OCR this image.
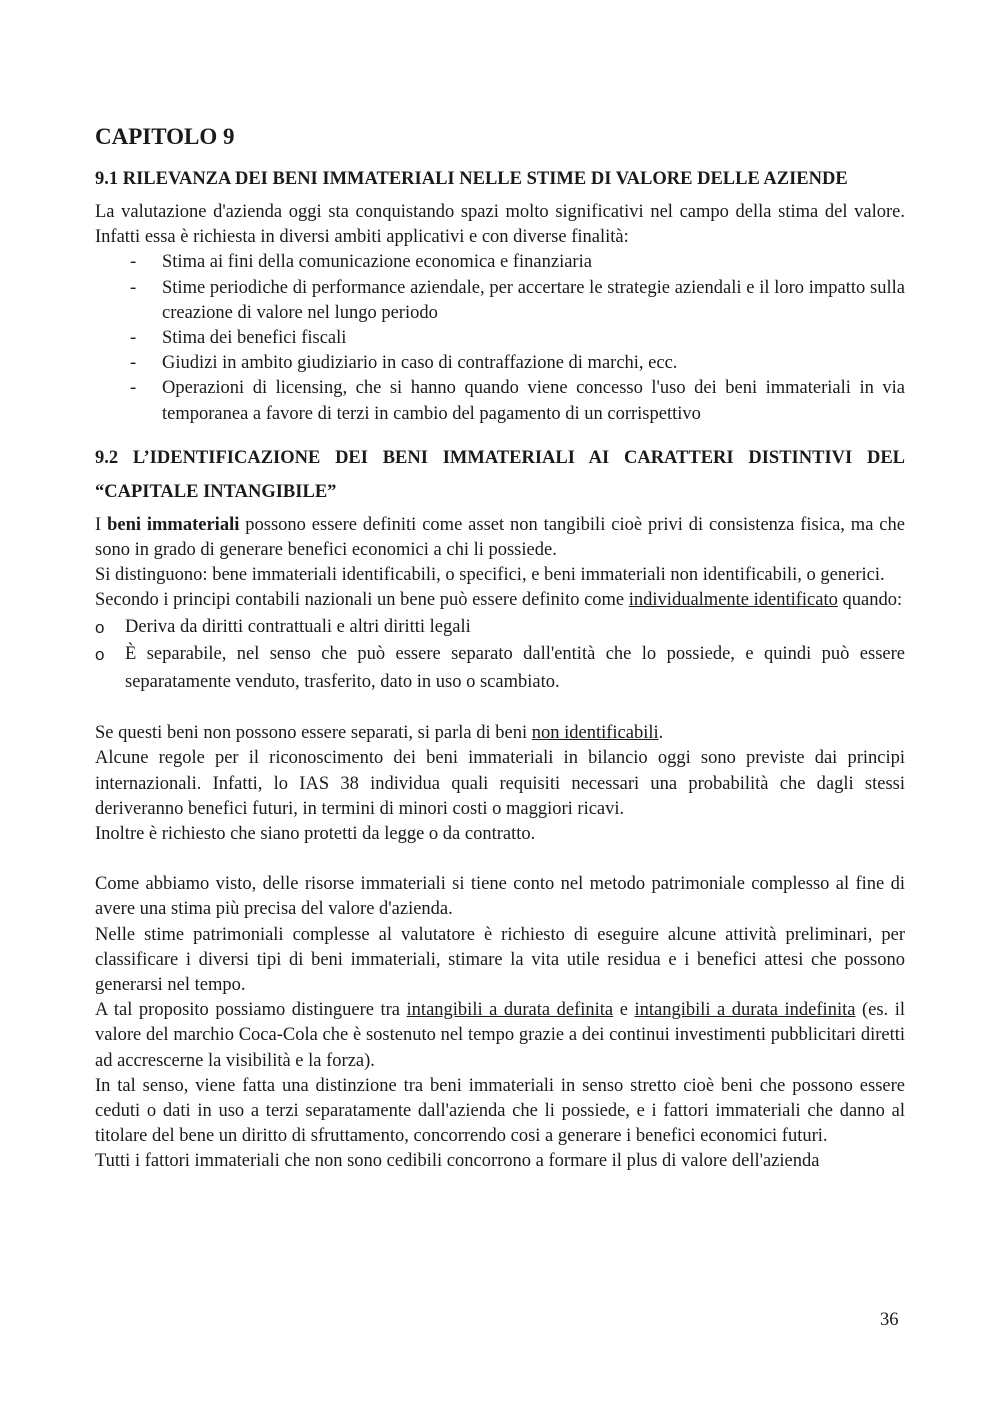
CAPITOLO 9
9.1 RILEVANZA DEI BENI IMMATERIALI NELLE STIME DI VALORE DELLE AZIENDE

La valutazione d'azienda oggi sta conquistando spazi molto significativi nel campo della stima del valore. Infatti essa è richiesta in diversi ambiti applicativi e con diverse finalità:

- Stima ai fini della comunicazione economica e finanziaria
- Stime periodiche di performance aziendale, per accertare le strategie aziendali e il loro impatto sulla creazione di valore nel lungo periodo
- Stima dei benefici fiscali
- Giudizi in ambito giudiziario in caso di contraffazione di marchi, ecc.
- Operazioni di licensing, che si hanno quando viene concesso l'uso dei beni immateriali in via temporanea a favore di terzi in cambio del pagamento di un corrispettivo
9.2 L’IDENTIFICAZIONE DEI BENI IMMATERIALI AI CARATTERI DISTINTIVI DEL “CAPITALE INTANGIBILE”

I beni immateriali possono essere definiti come asset non tangibili cioè privi di consistenza fisica, ma che sono in grado di generare benefici economici a chi li possiede.

Si distinguono: bene immateriali identificabili, o specifici, e beni immateriali non identificabili, o generici.

Secondo i principi contabili nazionali un bene può essere definito come individualmente identificato quando:

o Deriva da diritti contrattuali e altri diritti legali
o È separabile, nel senso che può essere separato dall'entità che lo possiede, e quindi può essere separatamente venduto, trasferito, dato in uso o scambiato.

Se questi beni non possono essere separati, si parla di beni non identificabili.

Alcune regole per il riconoscimento dei beni immateriali in bilancio oggi sono previste dai principi internazionali. Infatti, lo IAS 38 individua quali requisiti necessari una probabilità che dagli stessi deriveranno benefici futuri, in termini di minori costi o maggiori ricavi.

Inoltre è richiesto che siano protetti da legge o da contratto.

Come abbiamo visto, delle risorse immateriali si tiene conto nel metodo patrimoniale complesso al fine di avere una stima più precisa del valore d'azienda.

Nelle stime patrimoniali complesse al valutatore è richiesto di eseguire alcune attività preliminari, per classificare i diversi tipi di beni immateriali, stimare la vita utile residua e i benefici attesi che possono generarsi nel tempo.

A tal proposito possiamo distinguere tra intangibili a durata definita e intangibili a durata indefinita (es. il valore del marchio Coca-Cola che è sostenuto nel tempo grazie a dei continui investimenti pubblicitari diretti ad accrescerne la visibilità e la forza).

In tal senso, viene fatta una distinzione tra beni immateriali in senso stretto cioè beni che possono essere ceduti o dati in uso a terzi separatamente dall'azienda che li possiede, e i fattori immateriali che danno al titolare del bene un diritto di sfruttamento, concorrendo cosi a generare i benefici economici futuri.

Tutti i fattori immateriali che non sono cedibili concorrono a formare il plus di valore dell'azienda

36
